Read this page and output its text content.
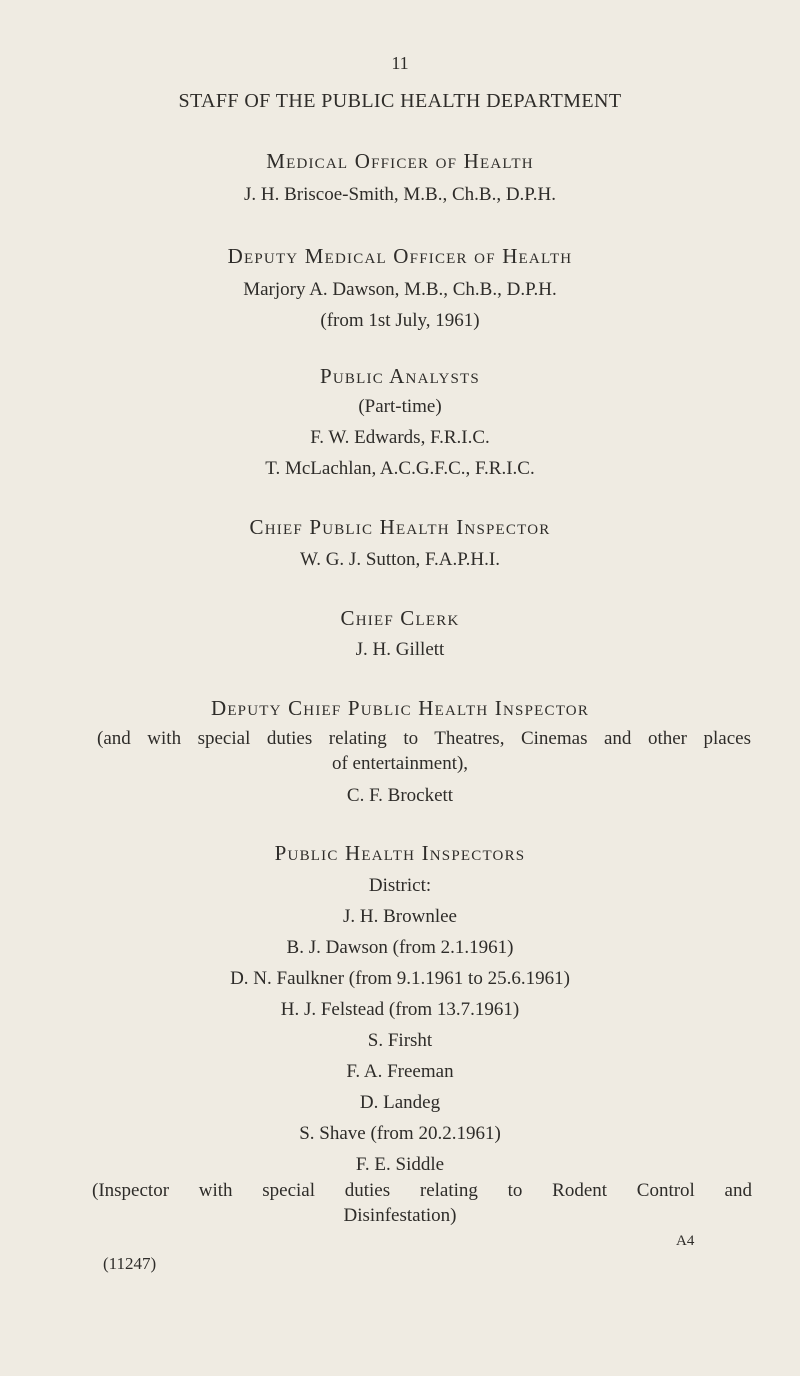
11
STAFF OF THE PUBLIC HEALTH DEPARTMENT
Medical Officer of Health
J. H. Briscoe-Smith, M.B., Ch.B., D.P.H.
Deputy Medical Officer of Health
Marjory A. Dawson, M.B., Ch.B., D.P.H.
(from 1st July, 1961)
Public Analysts
(Part-time)
F. W. Edwards, F.R.I.C.
T. McLachlan, A.C.G.F.C., F.R.I.C.
Chief Public Health Inspector
W. G. J. Sutton, F.A.P.H.I.
Chief Clerk
J. H. Gillett
Deputy Chief Public Health Inspector
(and with special duties relating to Theatres, Cinemas and other places
of entertainment),
C. F. Brockett
Public Health Inspectors
District:
J. H. Brownlee
B. J. Dawson (from 2.1.1961)
D. N. Faulkner (from 9.1.1961 to 25.6.1961)
H. J. Felstead (from 13.7.1961)
S. Firsht
F. A. Freeman
D. Landeg
S. Shave (from 20.2.1961)
F. E. Siddle
(Inspector with special duties relating to Rodent Control and
Disinfestation)
(11247)
A4
